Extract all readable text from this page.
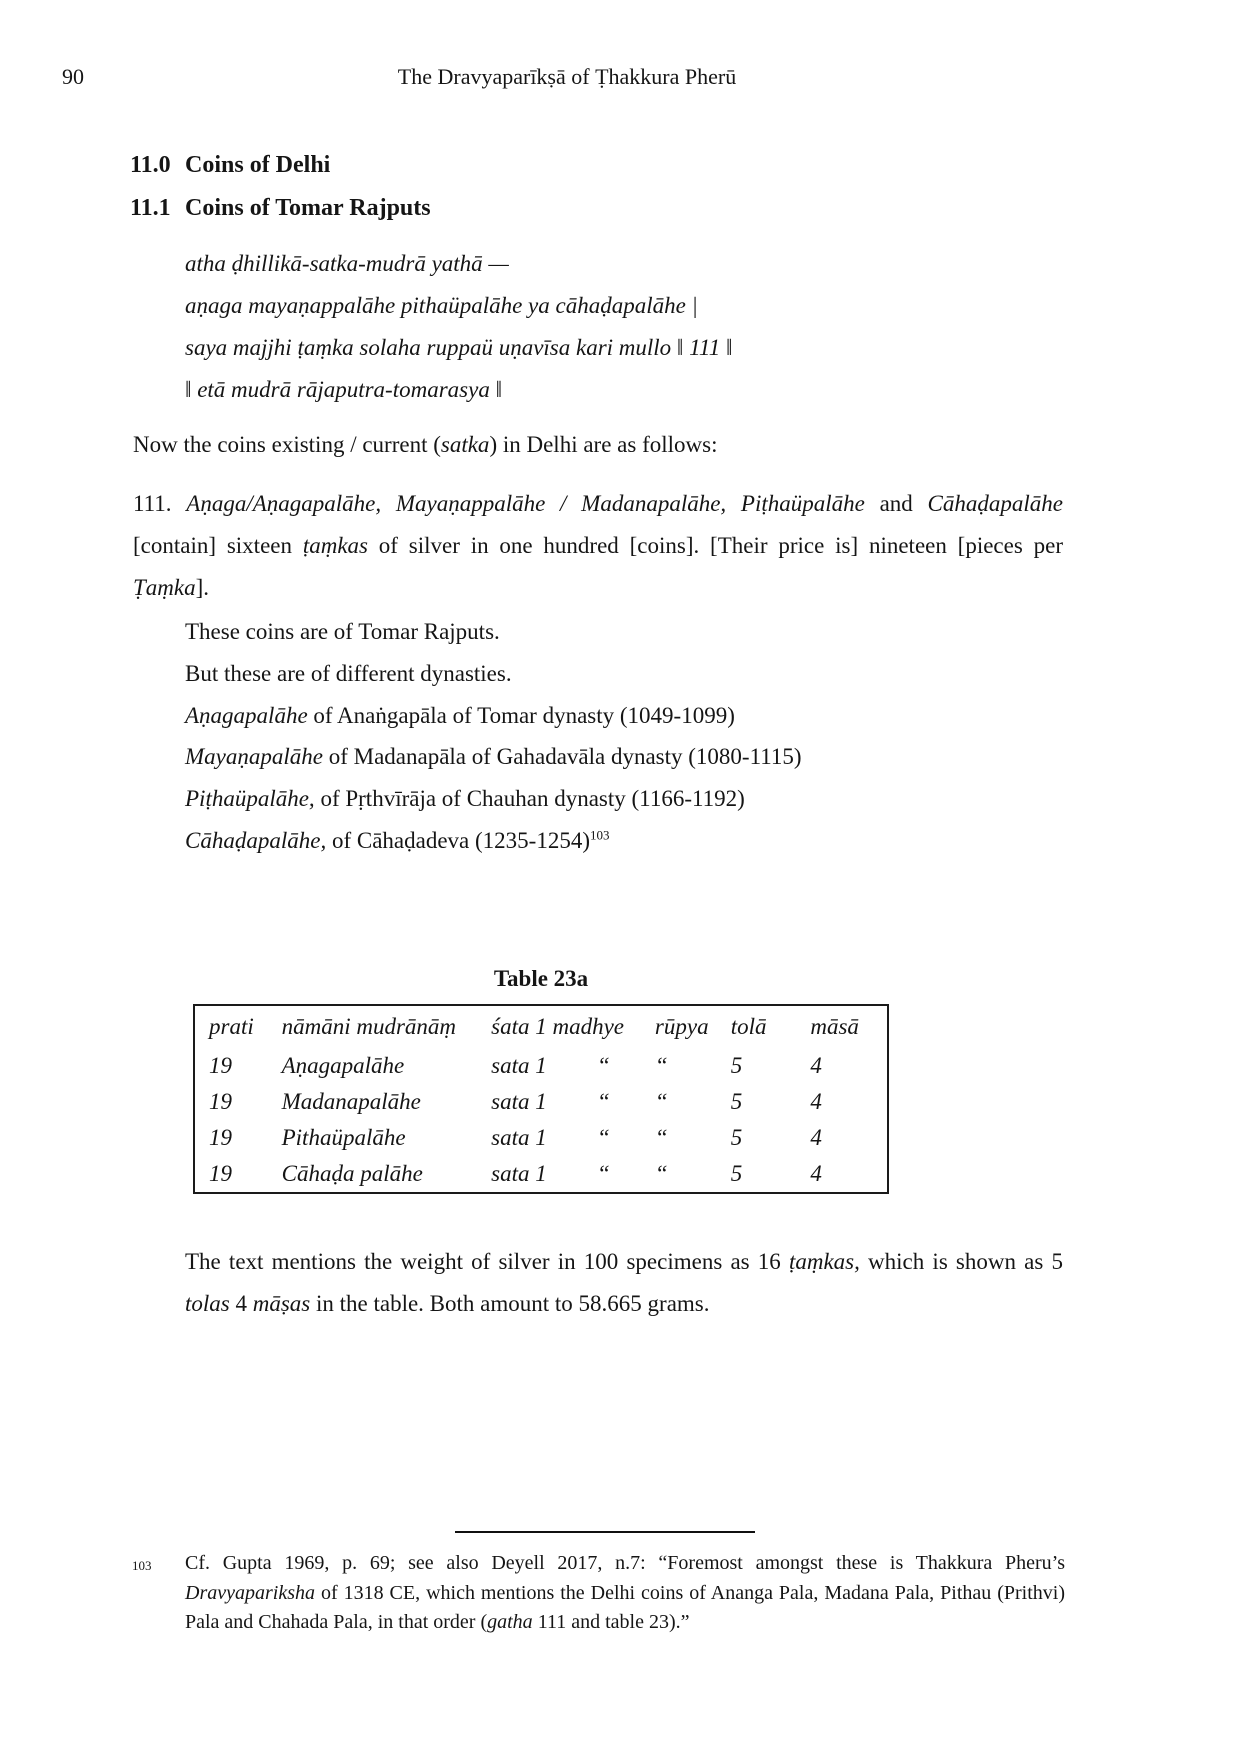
90	The Dravyaparīkṣā of Ṭhakkura Pherū
11.0 Coins of Delhi
11.1 Coins of Tomar Rajputs
atha ḍhillikā-satka-mudrā yathā —
aṇaga mayaṇappalāhe pithaüpalāhe ya cāhaḍapalāhe |
saya majjhi ṭaṃka solaha ruppaü uṇavīsa kari mullo ‖ 111 ‖
‖ etā mudrā rājaputra-tomarasya ‖
Now the coins existing / current (satka) in Delhi are as follows:
111. Aṇaga/Aṇagapalāhe, Mayaṇappalāhe / Madanapalāhe, Piṭhaüpalāhe and Cāhaḍapalāhe [contain] sixteen ṭaṃkas of silver in one hundred [coins]. [Their price is] nineteen [pieces per Ṭaṃka].
These coins are of Tomar Rajputs.
But these are of different dynasties.
Aṇagapalāhe of Anaṅgapāla of Tomar dynasty (1049-1099)
Mayaṇapalāhe of Madanapāla of Gahadavāla dynasty (1080-1115)
Piṭhaüpalāhe, of Pṛthvīrāja of Chauhan dynasty (1166-1192)
Cāhaḍapalāhe, of Cāhaḍadeva (1235-1254)$^{103}$
Table 23a
prati	nāmāni mudrānāṃ	śata 1 madhye		rūpya	tolā	māsā
19	Aṇagapalāhe	sata 1	“	“	5	4
19	Madanapalāhe	sata 1	“	“	5	4
19	Pithaüpalāhe	sata 1	“	“	5	4
19	Cāhaḍa palāhe	sata 1	“	“	5	4
The text mentions the weight of silver in 100 specimens as 16 ṭaṃkas, which is shown as 5 tolas 4 māṣas in the table. Both amount to 58.665 grams.
103 Cf. Gupta 1969, p. 69; see also Deyell 2017, n.7: “Foremost amongst these is Thakkura Pheru’s Dravyapariksha of 1318 CE, which mentions the Delhi coins of Ananga Pala, Madana Pala, Pithau (Prithvi) Pala and Chahada Pala, in that order (gatha 111 and table 23).”
